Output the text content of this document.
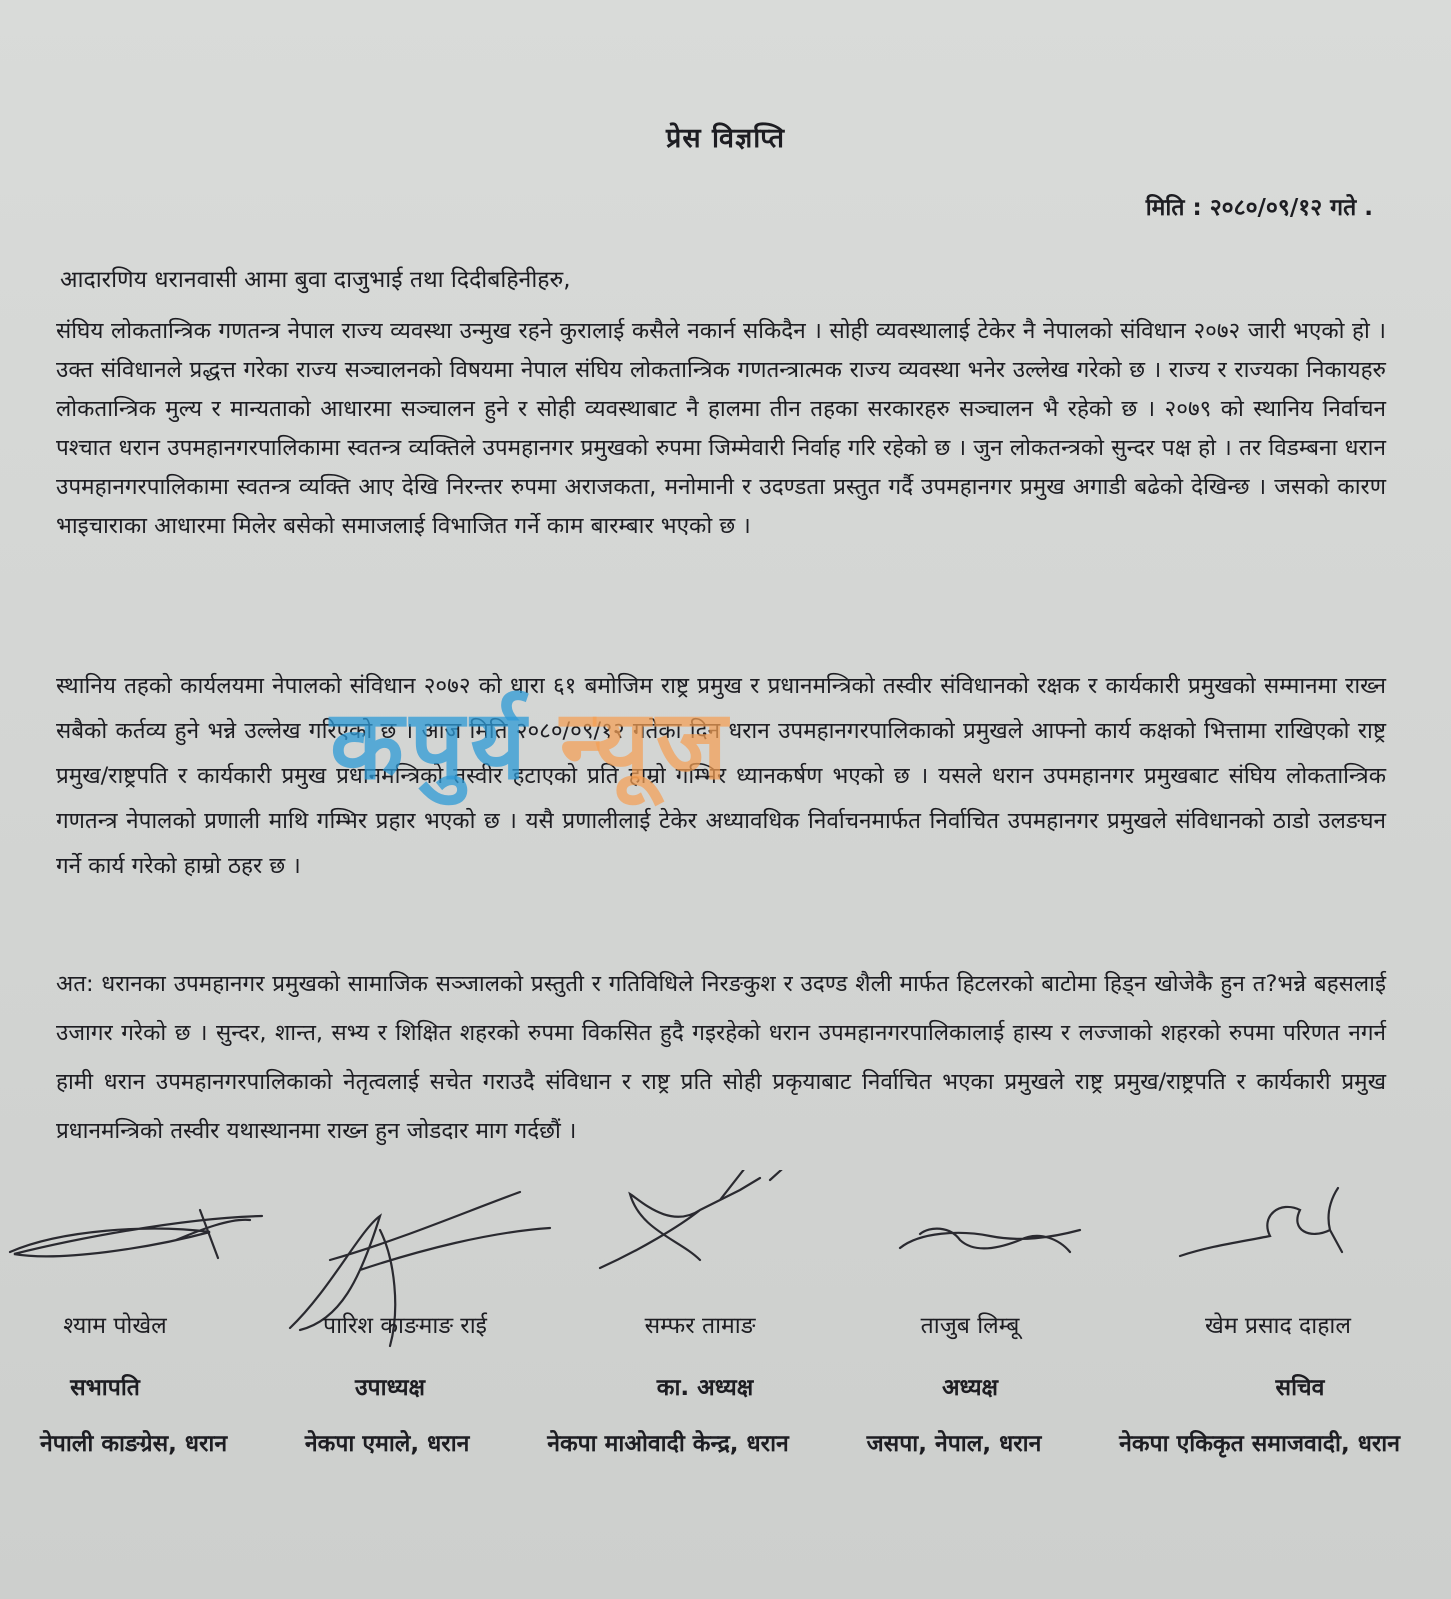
प्रेस विज्ञप्ति
मिति : २०८०/०९/१२ गते .
आदारणिय धरानवासी आमा बुवा दाजुभाई तथा दिदीबहिनीहरु,
संघिय लोकतान्त्रिक गणतन्त्र नेपाल राज्य व्यवस्था उन्मुख रहने कुरालाई कसैले नकार्न सकिदैन । सोही व्यवस्थालाई टेकेर नै नेपालको संविधान २०७२ जारी भएको हो । उक्त संविधानले प्रद्धत्त गरेका राज्य सञ्चालनको विषयमा नेपाल संघिय लोकतान्त्रिक गणतन्त्रात्मक राज्य व्यवस्था भनेर उल्लेख गरेको छ । राज्य र राज्यका निकायहरु लोकतान्त्रिक मुल्य र मान्यताको आधारमा सञ्चालन हुने र सोही व्यवस्थाबाट नै हालमा तीन तहका सरकारहरु सञ्चालन भै रहेको छ । २०७९ को स्थानिय निर्वाचन पश्चात धरान उपमहानगरपालिकामा स्वतन्त्र व्यक्तिले उपमहानगर प्रमुखको रुपमा जिम्मेवारी निर्वाह गरि रहेको छ । जुन लोकतन्त्रको सुन्दर पक्ष हो । तर विडम्बना धरान उपमहानगरपालिकामा स्वतन्त्र व्यक्ति आए देखि निरन्तर रुपमा अराजकता, मनोमानी र उदण्डता प्रस्तुत गर्दै उपमहानगर प्रमुख अगाडी बढेको देखिन्छ । जसको कारण भाइचाराका आधारमा मिलेर बसेको समाजलाई विभाजित गर्ने काम बारम्बार भएको छ ।
स्थानिय तहको कार्यलयमा नेपालको संविधान २०७२ को धारा ६१ बमोजिम राष्ट्र प्रमुख र प्रधानमन्त्रिको तस्वीर संविधानको रक्षक र कार्यकारी प्रमुखको सम्मानमा राख्न सबैको कर्तव्य हुने भन्ने उल्लेख गरिएको छ । आज मिति २०८०/०९/१२ गतेका दिन धरान उपमहानगरपालिकाको प्रमुखले आफ्नो कार्य कक्षको भित्तामा राखिएको राष्ट्र प्रमुख/राष्ट्रपति र कार्यकारी प्रमुख प्रधानमन्त्रिको तस्वीर हटाएको प्रति हाम्रो गम्भिर ध्यानकर्षण भएको छ । यसले धरान उपमहानगर प्रमुखबाट संघिय लोकतान्त्रिक गणतन्त्र नेपालको प्रणाली माथि गम्भिर प्रहार भएको छ । यसै प्रणालीलाई टेकेर अध्यावधिक निर्वाचनमार्फत निर्वाचित उपमहानगर प्रमुखले संविधानको ठाडो उलङघन गर्ने कार्य गरेको हाम्रो ठहर छ ।
अत: धरानका उपमहानगर प्रमुखको सामाजिक सञ्जालको प्रस्तुती र गतिविधिले निरङकुश र उदण्ड शैली मार्फत हिटलरको बाटोमा हिड्न खोजेकै हुन त?भन्ने बहसलाई उजागर गरेको छ । सुन्दर, शान्त, सभ्य र शिक्षित शहरको रुपमा विकसित हुदै गइरहेको धरान उपमहानगरपालिकालाई हास्य र लज्जाको शहरको रुपमा परिणत नगर्न हामी धरान उपमहानगरपालिकाको नेतृत्वलाई सचेत गराउदै संविधान र राष्ट्र प्रति सोही प्रकृयाबाट निर्वाचित भएका प्रमुखले राष्ट्र प्रमुख/राष्ट्रपति र कार्यकारी प्रमुख प्रधानमन्त्रिको तस्वीर यथास्थानमा राख्न हुन जोडदार माग गर्दछौं ।
कपुर्य न्यूज
श्याम पोखेल	पारिश काङमाङ राई	सम्फर तामाङ	ताजुब लिम्बू	खेम प्रसाद दाहाल
सभापति	उपाध्यक्ष	का. अध्यक्ष	अध्यक्ष	सचिव
नेपाली काङग्रेस, धरान	नेकपा एमाले, धरान	नेकपा माओवादी केन्द्र, धरान	जसपा, नेपाल, धरान	नेकपा एकिकृत समाजवादी, धरान
